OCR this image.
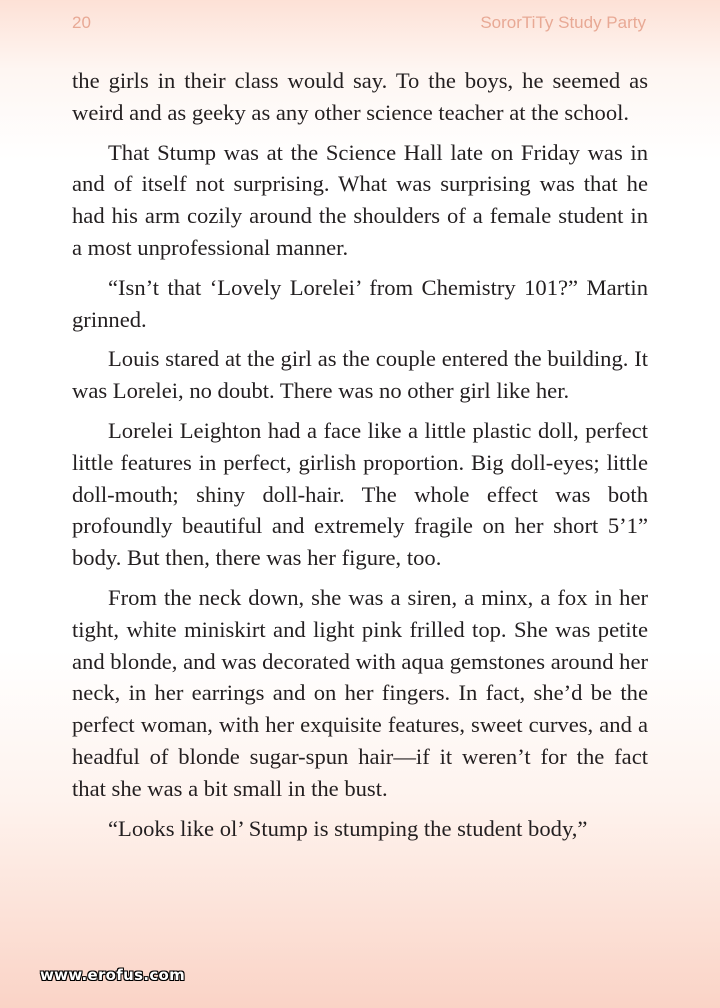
20	SororTiTy Study Party

the girls in their class would say. To the boys, he seemed as weird and as geeky as any other science teacher at the school.

That Stump was at the Science Hall late on Friday was in and of itself not surprising. What was surprising was that he had his arm cozily around the shoulders of a female student in a most unprofessional manner.

“Isn’t that ‘Lovely Lorelei’ from Chemistry 101?” Martin grinned.

Louis stared at the girl as the couple entered the building. It was Lorelei, no doubt. There was no other girl like her.

Lorelei Leighton had a face like a little plastic doll, perfect little features in perfect, girlish proportion. Big doll-eyes; little doll-mouth; shiny doll-hair. The whole effect was both profoundly beautiful and extremely fragile on her short 5’1” body. But then, there was her figure, too.

From the neck down, she was a siren, a minx, a fox in her tight, white miniskirt and light pink frilled top. She was petite and blonde, and was decorated with aqua gemstones around her neck, in her earrings and on her fingers. In fact, she’d be the perfect woman, with her exquisite features, sweet curves, and a headful of blonde sugar-spun hair—if it weren’t for the fact that she was a bit small in the bust.

“Looks like ol’ Stump is stumping the student body,”

www.erofus.com
